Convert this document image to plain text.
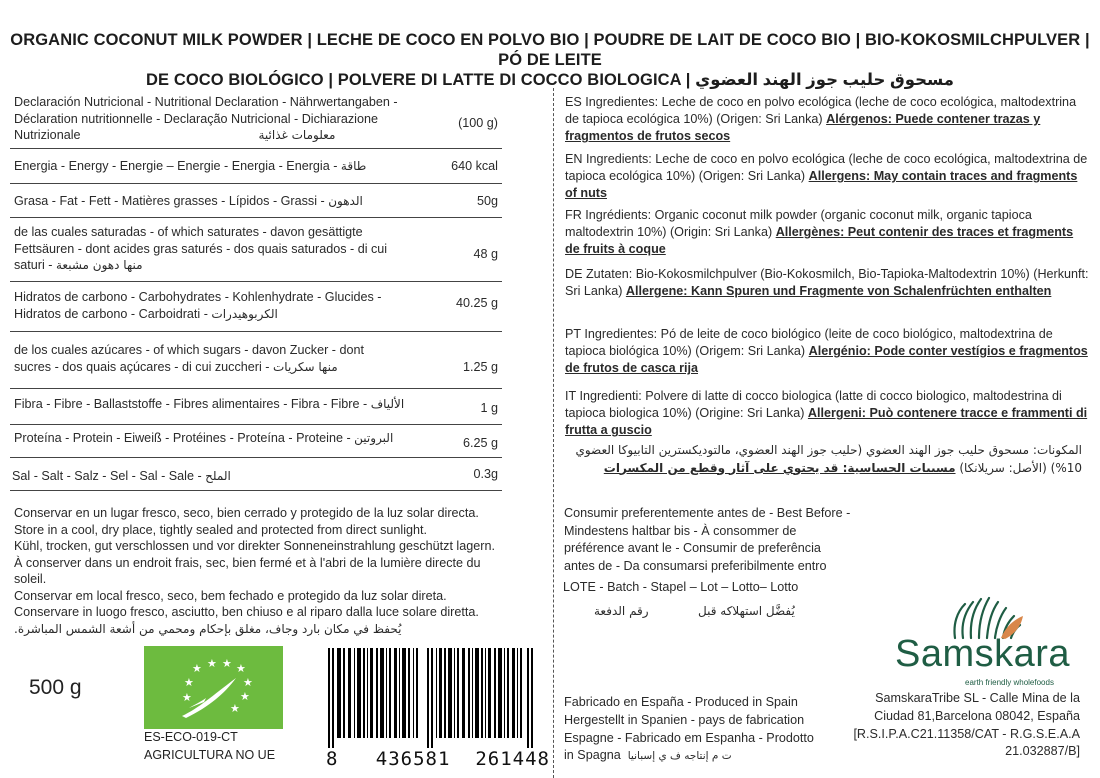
ORGANIC COCONUT MILK POWDER | LECHE DE COCO EN POLVO BIO | POUDRE DE LAIT DE COCO BIO | BIO-KOKOSMILCHPULVER | PÓ DE LEITE
DE COCO BIOLÓGICO | POLVERE DI LATTE DI COCCO BIOLOGICA | مسحوق حليب جوز الهند العضوي
Declaración Nutricional - Nutritional Declaration - Nährwertangaben -
Déclaration nutritionnelle - Declaração Nutricional - Dichiarazione
Nutrizionale	معلومات غذائية
(100 g)
Energia - Energy - Energie – Energie - Energia - Energia - طاقة	640 kcal
Grasa - Fat - Fett - Matières grasses - Lípidos - Grassi - الدهون	50g
de las cuales saturadas - of which saturates - davon gesättigte
Fettsäuren - dont acides gras saturés - dos quais saturados - di cui
saturi - منها دهون مشبعة
48 g
Hidratos de carbono - Carbohydrates - Kohlenhydrate - Glucides -
Hidratos de carbono - Carboidrati - الكربوهيدرات
40.25 g
de los cuales azúcares - of which sugars - davon Zucker - dont
sucres - dos quais açúcares - di cui zuccheri - منها سكريات	1.25 g
Fibra - Fibre - Ballaststoffe - Fibres alimentaires - Fibra - Fibre - الألياف	1 g
Proteína - Protein - Eiweiß - Protéines - Proteína - Proteine - البروتين	6.25 g
Sal - Salt - Salz - Sel - Sal - Sale - الملح	0.3g
Conservar en un lugar fresco, seco, bien cerrado y protegido de la luz solar directa.
Store in a cool, dry place, tightly sealed and protected from direct sunlight.
Kühl, trocken, gut verschlossen und vor direkter Sonneneinstrahlung geschützt lagern.
À conserver dans un endroit frais, sec, bien fermé et à l'abri de la lumière directe du
soleil.
Conservar em local fresco, seco, bem fechado e protegido da luz solar direta.
Conservare in luogo fresco, asciutto, ben chiuso e al riparo dalla luce solare diretta.
يُحفظ في مكان بارد وجاف، مغلق بإحكام ومحمي من أشعة الشمس المباشرة.
500 g
★ ★ ★ ★
★
★
★
★
★
ES-ECO-019-CT
AGRICULTURA NO UE	8 436581 261448
ES Ingredientes: Leche de coco en polvo ecológica (leche de coco ecológica, maltodextrina de tapioca ecológica 10%) (Origen: Sri Lanka) Alérgenos: Puede contener trazas y fragmentos de frutos secos
EN Ingredients: Leche de coco en polvo ecológica (leche de coco ecológica, maltodextrina de tapioca ecológica 10%) (Origen: Sri Lanka) Allergens: May contain traces and fragments of nuts
FR Ingrédients: Organic coconut milk powder (organic coconut milk, organic tapioca maltodextrin 10%) (Origin: Sri Lanka) Allergènes: Peut contenir des traces et fragments de fruits à coque
DE Zutaten: Bio-Kokosmilchpulver (Bio-Kokosmilch, Bio-Tapioka-Maltodextrin 10%) (Herkunft: Sri Lanka) Allergene: Kann Spuren und Fragmente von Schalenfrüchten enthalten
PT Ingredientes: Pó de leite de coco biológico (leite de coco biológico, maltodextrina de tapioca biológica 10%) (Origem: Sri Lanka) Alergénio: Pode conter vestígios e fragmentos de frutos de casca rija
IT Ingredienti: Polvere di latte di cocco biologica (latte di cocco biologico, maltodestrina di tapioca biologica 10%) (Origine: Sri Lanka) Allergeni: Può contenere tracce e frammenti di frutta a guscio
المكونات: مسحوق حليب جوز الهند العضوي (حليب جوز الهند العضوي، مالتوديكسترين التابيوكا العضوي 10%) (الأصل: سريلانكا) مسببات الحساسية: قد يحتوي على آثار وقطع من المكسرات
Consumir preferentemente antes de - Best Before -
Mindestens haltbar bis - À consommer de
préférence avant le - Consumir de preferência
antes de - Da consumarsi preferibilmente entro
LOTE - Batch - Stapel – Lot – Lotto– Lotto
رقم الدفعة	يُفضَّل استهلاكه قبل
Fabricado en España - Produced in Spain
Hergestellt in Spanien - pays de fabrication
Espagne - Fabricado em Espanha - Prodotto
in Spagna ت م إنتاجه ف ي إسبانيا
Samskara
earth friendly wholefoods
SamskaraTribe SL - Calle Mina de la
Ciudad 81,Barcelona 08042, España
[R.S.I.P.A.C21.11358/CAT - R.G.S.E.A.A
21.032887/B]
